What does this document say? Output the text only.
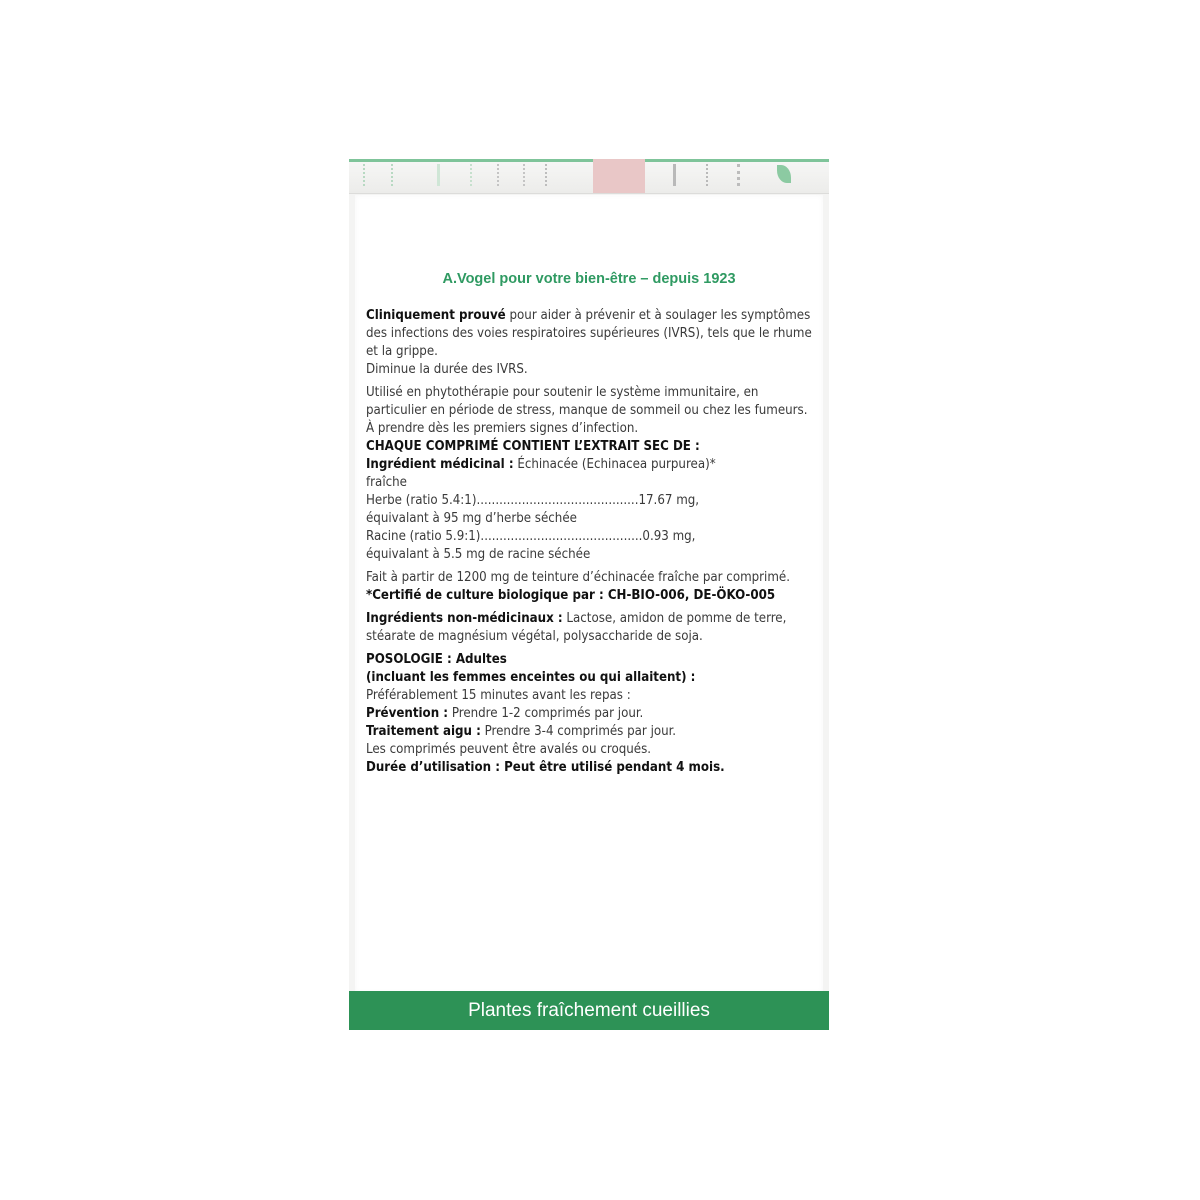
A.Vogel pour votre bien-être – depuis 1923

Cliniquement prouvé pour aider à prévenir et à soulager les symptômes des infections des voies respiratoires supérieures (IVRS), tels que le rhume et la grippe.

Diminue la durée des IVRS.

Utilisé en phytothérapie pour soutenir le système immunitaire, en particulier en période de stress, manque de sommeil ou chez les fumeurs.

À prendre dès les premiers signes d’infection.

CHAQUE COMPRIMÉ CONTIENT L’EXTRAIT SEC DE :

Ingrédient médicinal : Échinacée (Echinacea purpurea)*

fraîche

Herbe (ratio 5.4:1)...........................................17.67 mg,

équivalant à 95 mg d’herbe séchée

Racine (ratio 5.9:1)...........................................0.93 mg,

équivalant à 5.5 mg de racine séchée

Fait à partir de 1200 mg de teinture d’échinacée fraîche par comprimé.

*Certifié de culture biologique par : CH-BIO-006, DE-ÖKO-005

Ingrédients non-médicinaux : Lactose, amidon de pomme de terre, stéarate de magnésium végétal, polysaccharide de soja.

POSOLOGIE : Adultes

(incluant les femmes enceintes ou qui allaitent) :

Préférablement 15 minutes avant les repas :

Prévention : Prendre 1-2 comprimés par jour.

Traitement aigu : Prendre 3-4 comprimés par jour.

Les comprimés peuvent être avalés ou croqués.

Durée d’utilisation : Peut être utilisé pendant 4 mois.

Plantes fraîchement cueillies
